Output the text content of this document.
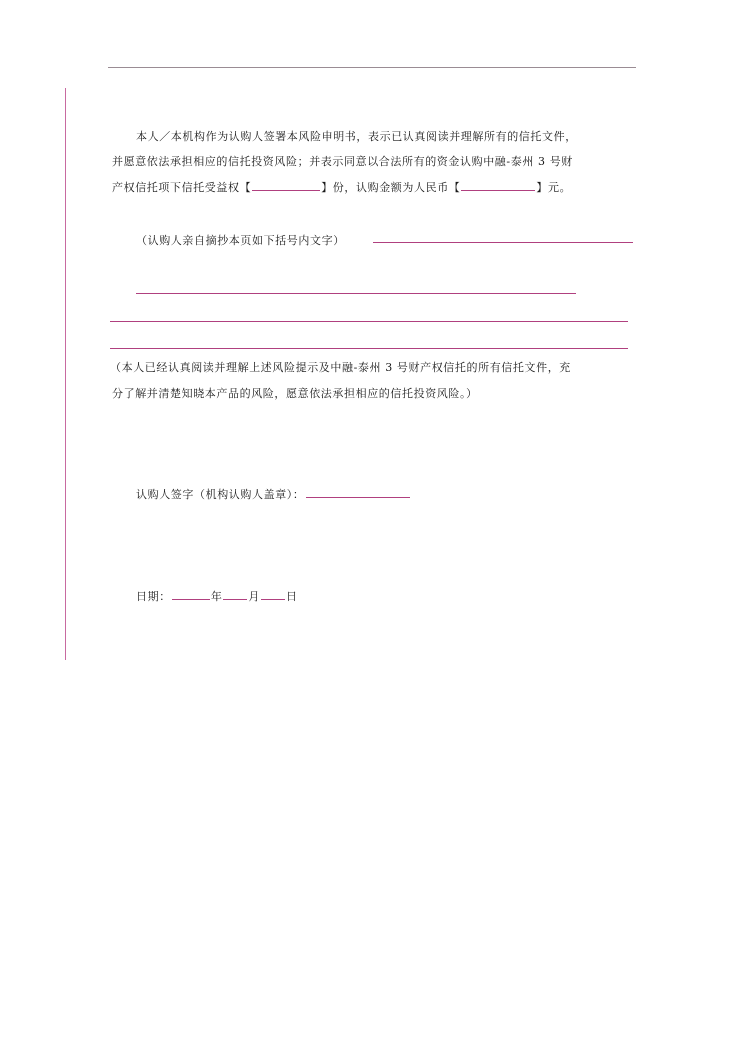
本人／本机构作为认购人签署本风险申明书，表示已认真阅读并理解所有的信托文件，
并愿意依法承担相应的信托投资风险；并表示同意以合法所有的资金认购中融-泰州 3 号财
产权信托项下信托受益权【	】份，认购金额为人民币【	】元。
（认购人亲自摘抄本页如下括号内文字）
（本人已经认真阅读并理解上述风险提示及中融-泰州 3 号财产权信托的所有信托文件，充
分了解并清楚知晓本产品的风险，愿意依法承担相应的信托投资风险。）
认购人签字（机构认购人盖章）：
日期：	年 月 日
